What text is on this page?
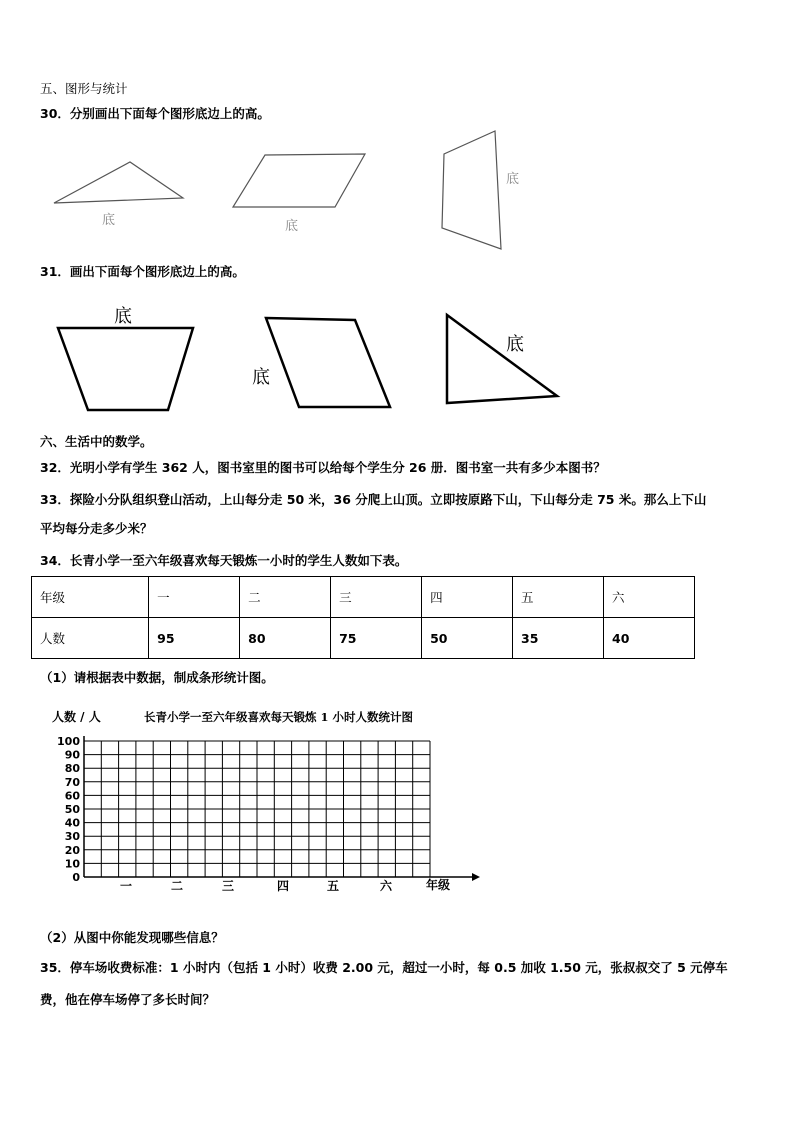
五、图形与统计
30．分别画出下面每个图形底边上的高。
底	底
底
31．画出下面每个图形底边上的高。
底
底
底
六、生活中的数学。
32．光明小学有学生 362 人，图书室里的图书可以给每个学生分 26 册．图书室一共有多少本图书？
33．探险小分队组织登山活动，上山每分走 50 米，36 分爬上山顶。立即按原路下山，下山每分走 75 米。那么上下山
平均每分走多少米？
34．长青小学一至六年级喜欢每天锻炼一小时的学生人数如下表。
年级	一	二	三	四	五	六
人数	95	80	75	50	35	40
（1）请根据表中数据，制成条形统计图。
0
10
20
30
40
50
60
70
80
90
100
一	二	三	四	五	六
人数 / 人
年级
长青小学一至六年级喜欢每天锻炼 1 小时人数统计图
（2）从图中你能发现哪些信息？
35．停车场收费标准：1 小时内（包括 1 小时）收费 2.00 元，超过一小时，每 0.5 加收 1.50 元，张叔叔交了 5 元停车
费，他在停车场停了多长时间？
